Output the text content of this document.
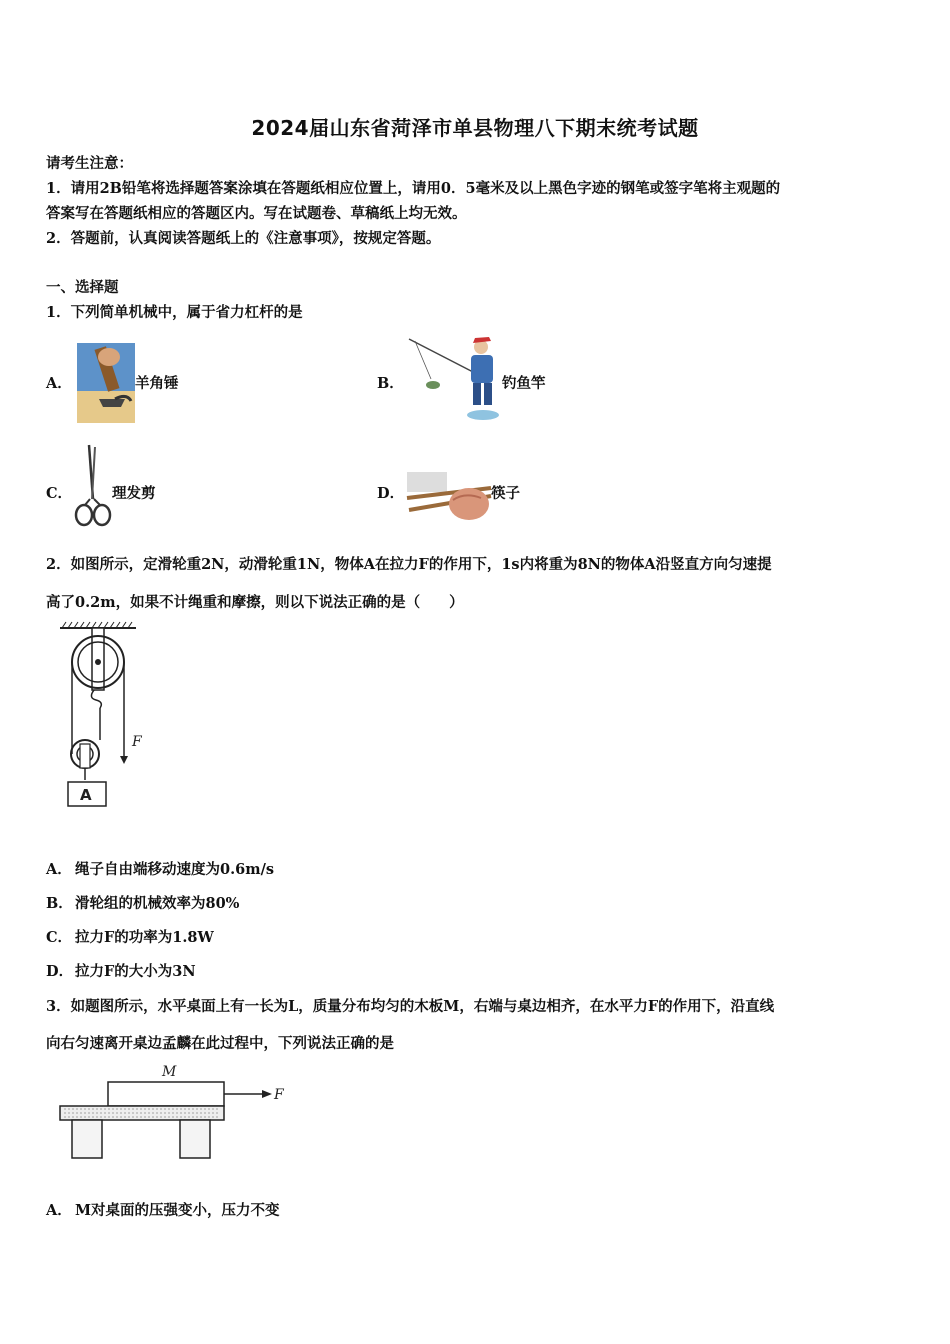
2024届山东省菏泽市单县物理八下期末统考试题
请考生注意：
1．请用2B铅笔将选择题答案涂填在答题纸相应位置上，请用0．5毫米及以上黑色字迹的钢笔或签字笔将主观题的
答案写在答题纸相应的答题区内。写在试题卷、草稿纸上均无效。
2．答题前，认真阅读答题纸上的《注意事项》，按规定答题。
一、选择题
1．下列简单机械中，属于省力杠杆的是
A．	羊角锤	B．	钓鱼竿
C．	理发剪	D．	筷子
2．如图所示，定滑轮重2N，动滑轮重1N，物体A在拉力F的作用下，1s内将重为8N的物体A沿竖直方向匀速提
高了0.2m，如果不计绳重和摩擦，则以下说法正确的是（　　）
F
A
A． 绳子自由端移动速度为0.6m/s
B． 滑轮组的机械效率为80%
C． 拉力F的功率为1.8W
D． 拉力F的大小为3N
3．如题图所示，水平桌面上有一长为L，质量分布均匀的木板M，右端与桌边相齐，在水平力F的作用下，沿直线
向右匀速离开桌边孟麟在此过程中，下列说法正确的是
M
F
A． M对桌面的压强变小，压力不变
